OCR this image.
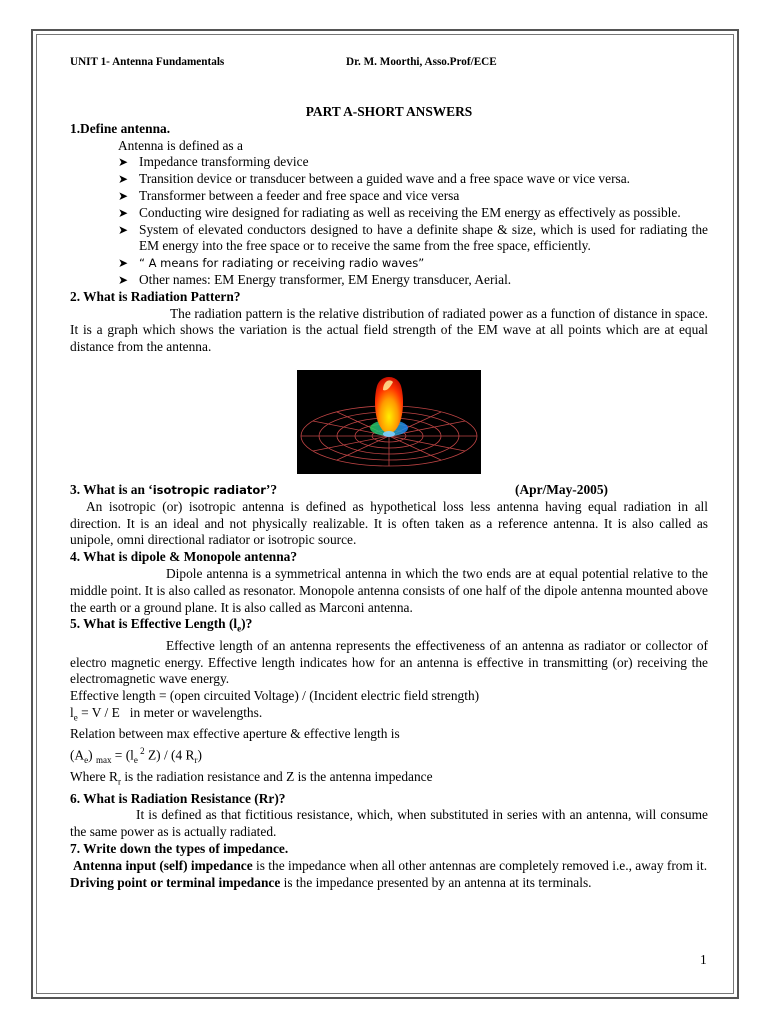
UNIT 1- Antenna Fundamentals	Dr. M. Moorthi, Asso.Prof/ECE
PART A-SHORT ANSWERS
1.Define antenna.
Antenna is defined as a
➤ Impedance transforming device
➤ Transition device or transducer between a guided wave and a free space wave or vice versa.
➤ Transformer between a feeder and free space and vice versa
➤ Conducting wire designed for radiating as well as receiving the EM energy as effectively as possible.
➤ System of elevated conductors designed to have a definite shape & size, which is used for radiating the EM energy into the free space or to receive the same from the free space, efficiently.
➤ “ A means for radiating or receiving radio waves”
➤ Other names: EM Energy transformer, EM Energy transducer, Aerial.
2. What is Radiation Pattern?
The radiation pattern is the relative distribution of radiated power as a function of distance in space. It is a graph which shows the variation is the actual field strength of the EM wave at all points which are at equal distance from the antenna.
3. What is an ‘isotropic radiator’?	(Apr/May-2005)
An isotropic (or) isotropic antenna is defined as hypothetical loss less antenna having equal radiation in all direction. It is an ideal and not physically realizable. It is often taken as a reference antenna. It is also called as unipole, omni directional radiator or isotropic source.
4. What is dipole & Monopole antenna?
Dipole antenna is a symmetrical antenna in which the two ends are at equal potential relative to the middle point. It is also called as resonator. Monopole antenna consists of one half of the dipole antenna mounted above the earth or a ground plane. It is also called as Marconi antenna.
5. What is Effective Length $(l_e)$?
Effective length of an antenna represents the effectiveness of an antenna as radiator or collector of electro magnetic energy. Effective length indicates how for an antenna is effective in transmitting (or) receiving the electromagnetic wave energy.
Effective length = (open circuited Voltage) / (Incident electric field strength)
$l_e = V / E$   in meter or wavelengths.
Relation between max effective aperture & effective length is
$(A_e) _{max} = (l_e$ $^2$ Z) / (4 $R_r$)
Where $R_r$ is the radiation resistance and Z is the antenna impedance
6. What is Radiation Resistance (Rr)?
It is defined as that fictitious resistance, which, when substituted in series with an antenna, will consume the same power as is actually radiated.
7. Write down the types of impedance.
Antenna input (self) impedance is the impedance when all other antennas are completely removed i.e., away from it.
Driving point or terminal impedance is the impedance presented by an antenna at its terminals.
1
